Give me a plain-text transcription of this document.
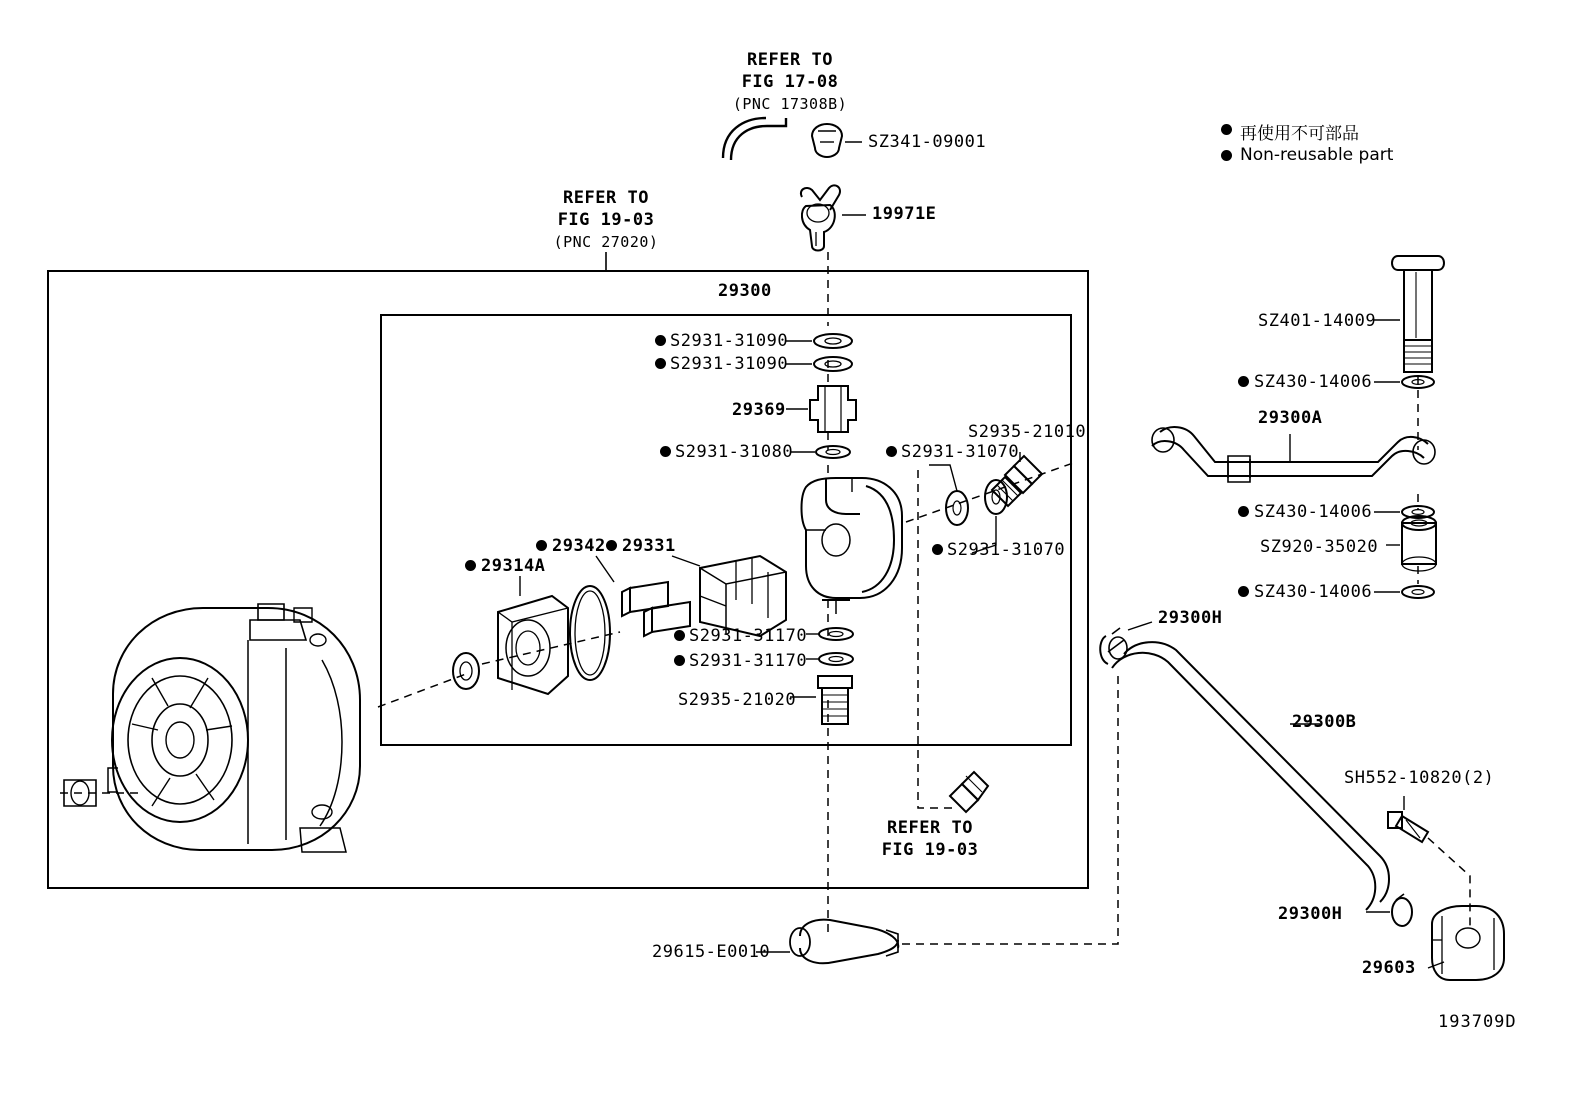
再使用不可部品
Non-reusable part
REFER TO
FIG 17-08
(PNC 17308B)
REFER TO
FIG 19-03
(PNC 27020)
REFER TO
FIG 19-03
29300
SZ341-09001
19971E
S2931-31090
S2931-31090
29369
S2931-31080	S2931-31070
S2935-21010
S2931-31070
29314A
29342 29331
S2931-31170
S2931-31170
S2935-21020
SZ401-14009
SZ430-14006
29300A
SZ430-14006
SZ920-35020
SZ430-14006
29300H
29300B
SH552-10820(2)
29300H
29603
29615-E0010
193709D
